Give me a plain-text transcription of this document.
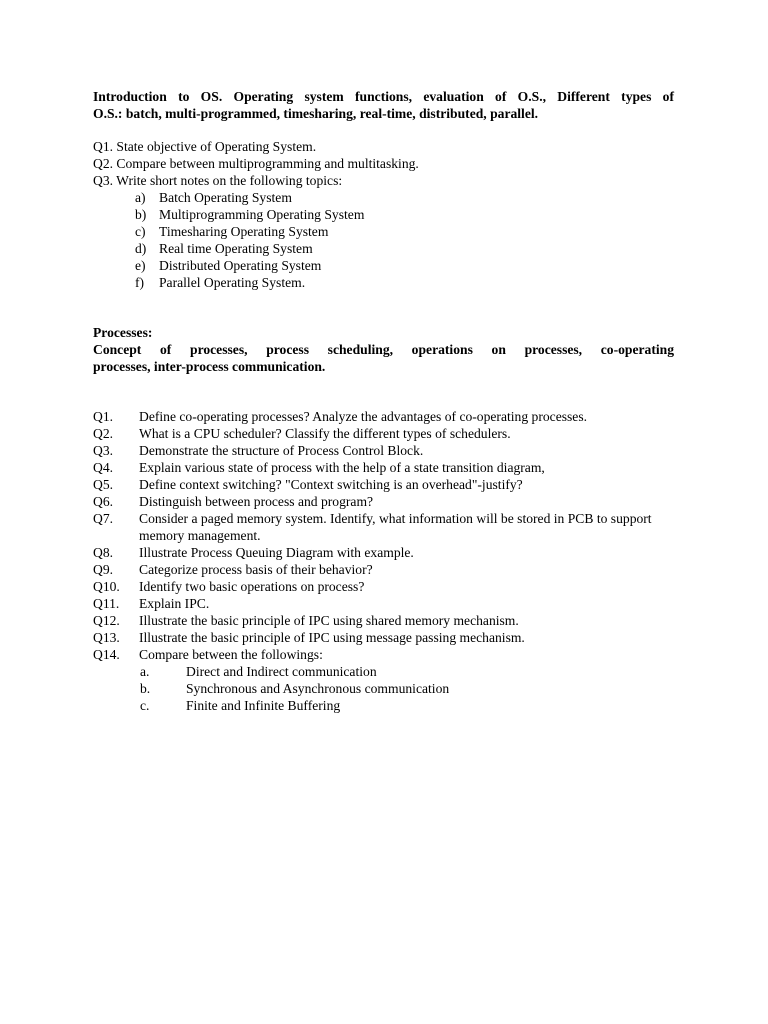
Introduction to OS. Operating system functions, evaluation of O.S., Different types of
O.S.: batch, multi-programmed, timesharing, real-time, distributed, parallel.

Q1. State objective of Operating System.

Q2. Compare between multiprogramming and multitasking.

Q3. Write short notes on the following topics:

a) Batch Operating System
b) Multiprogramming Operating System
c) Timesharing Operating System
d) Real time Operating System
e) Distributed Operating System
f) Parallel Operating System.

Processes:
Concept of processes, process scheduling, operations on processes, co-operating
processes, inter-process communication.

Q1. Define co-operating processes? Analyze the advantages of co-operating processes.
Q2. What is a CPU scheduler? Classify the different types of schedulers.
Q3. Demonstrate the structure of Process Control Block.
Q4. Explain various state of process with the help of a state transition diagram,
Q5. Define context switching? "Context switching is an overhead"-justify?
Q6. Distinguish between process and program?
Q7. Consider a paged memory system. Identify, what information will be stored in PCB to support memory management.
Q8. Illustrate Process Queuing Diagram with example.
Q9. Categorize process basis of their behavior?
Q10. Identify two basic operations on process?
Q11. Explain IPC.
Q12. Illustrate the basic principle of IPC using shared memory mechanism.
Q13. Illustrate the basic principle of IPC using message passing mechanism.
Q14. Compare between the followings:
a.	Direct and Indirect communication
b.	Synchronous and Asynchronous communication
c.	Finite and Infinite Buffering
